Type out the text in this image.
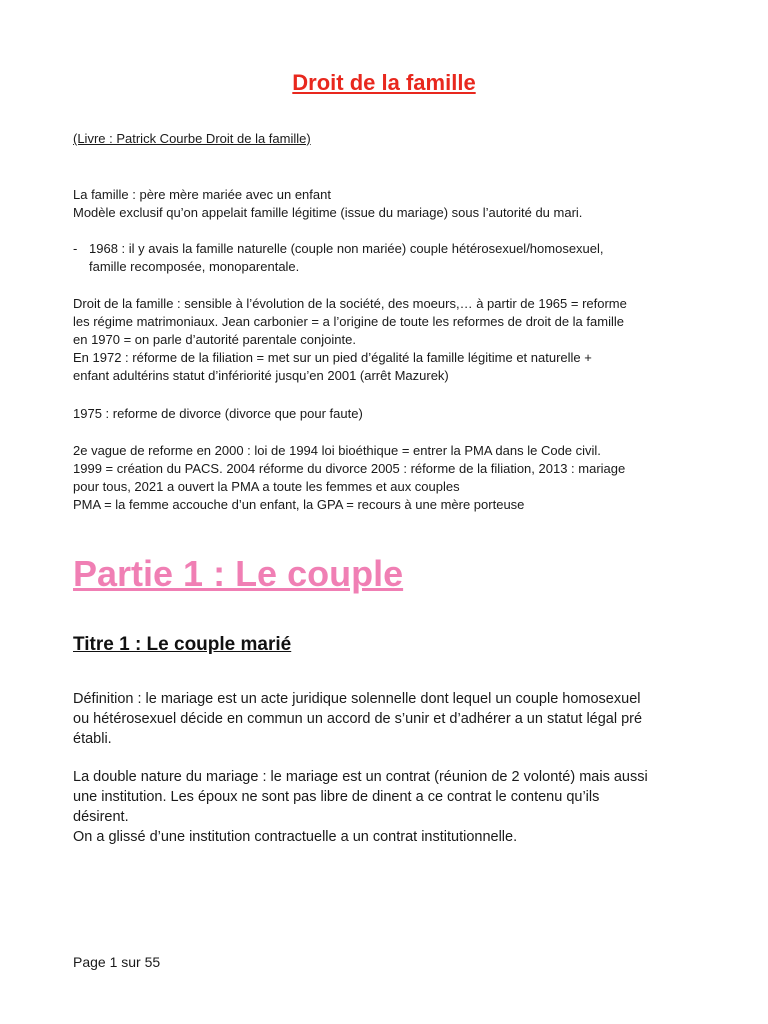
Droit de la famille
(Livre : Patrick Courbe Droit de la famille)

La famille : père mère mariée avec un enfant

Modèle exclusif qu’on appelait famille légitime (issue du mariage) sous l’autorité du mari.

- 1968 : il y avais la famille naturelle (couple non mariée) couple hétérosexuel/homosexuel,

famille recomposée, monoparentale.

Droit de la famille : sensible à l’évolution de la société, des moeurs,… à partir de 1965 = reforme

les régime matrimoniaux. Jean carbonier = a l’origine de toute les reformes de droit de la famille

en 1970 = on parle d’autorité parentale conjointe.

En 1972 : réforme de la filiation = met sur un pied d’égalité la famille légitime et naturelle +

enfant adultérins statut d’infériorité jusqu’en 2001 (arrêt Mazurek)

1975 : reforme de divorce (divorce que pour faute)

2e vague de reforme en 2000 : loi de 1994 loi bioéthique = entrer la PMA dans le Code civil.

1999 = création du PACS. 2004 réforme du divorce 2005 : réforme de la filiation, 2013 : mariage

pour tous, 2021 a ouvert la PMA a toute les femmes et aux couples

PMA = la femme accouche d’un enfant, la GPA = recours à une mère porteuse

Partie 1 : Le couple
Titre 1 : Le couple marié

Définition : le mariage est un acte juridique solennelle dont lequel un couple homosexuel

ou hétérosexuel décide en commun un accord de s’unir et d’adhérer a un statut légal pré

établi.

La double nature du mariage : le mariage est un contrat (réunion de 2 volonté) mais aussi

une institution. Les époux ne sont pas libre de dinent a ce contrat le contenu qu’ils

désirent.

On a glissé d’une institution contractuelle a un contrat institutionnelle.

Page 1 sur 55
